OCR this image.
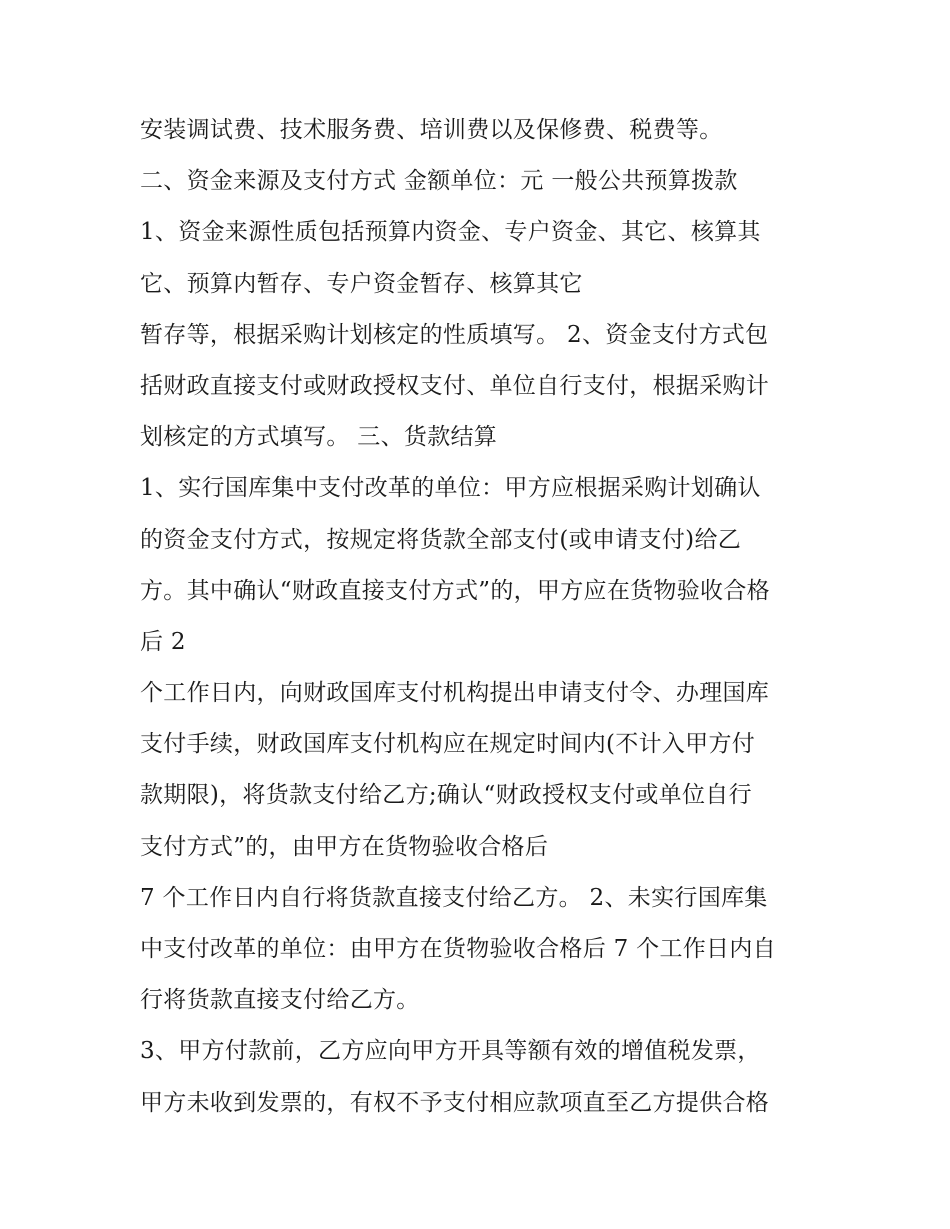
安装调试费、技术服务费、培训费以及保修费、税费等。
二、资金来源及支付方式 金额单位：元 一般公共预算拨款
1、资金来源性质包括预算内资金、专户资金、其它、核算其
它、预算内暂存、专户资金暂存、核算其它
暂存等，根据采购计划核定的性质填写。 2、资金支付方式包
括财政直接支付或财政授权支付、单位自行支付，根据采购计
划核定的方式填写。 三、货款结算
1、实行国库集中支付改革的单位：甲方应根据采购计划确认
的资金支付方式，按规定将货款全部支付(或申请支付)给乙
方。其中确认“财政直接支付方式”的，甲方应在货物验收合格
后 2
个工作日内，向财政国库支付机构提出申请支付令、办理国库
支付手续，财政国库支付机构应在规定时间内(不计入甲方付
款期限)，将货款支付给乙方;确认“财政授权支付或单位自行
支付方式”的，由甲方在货物验收合格后
7 个工作日内自行将货款直接支付给乙方。 2、未实行国库集
中支付改革的单位：由甲方在货物验收合格后 7 个工作日内自
行将货款直接支付给乙方。
3、甲方付款前，乙方应向甲方开具等额有效的增值税发票，
甲方未收到发票的，有权不予支付相应款项直至乙方提供合格
